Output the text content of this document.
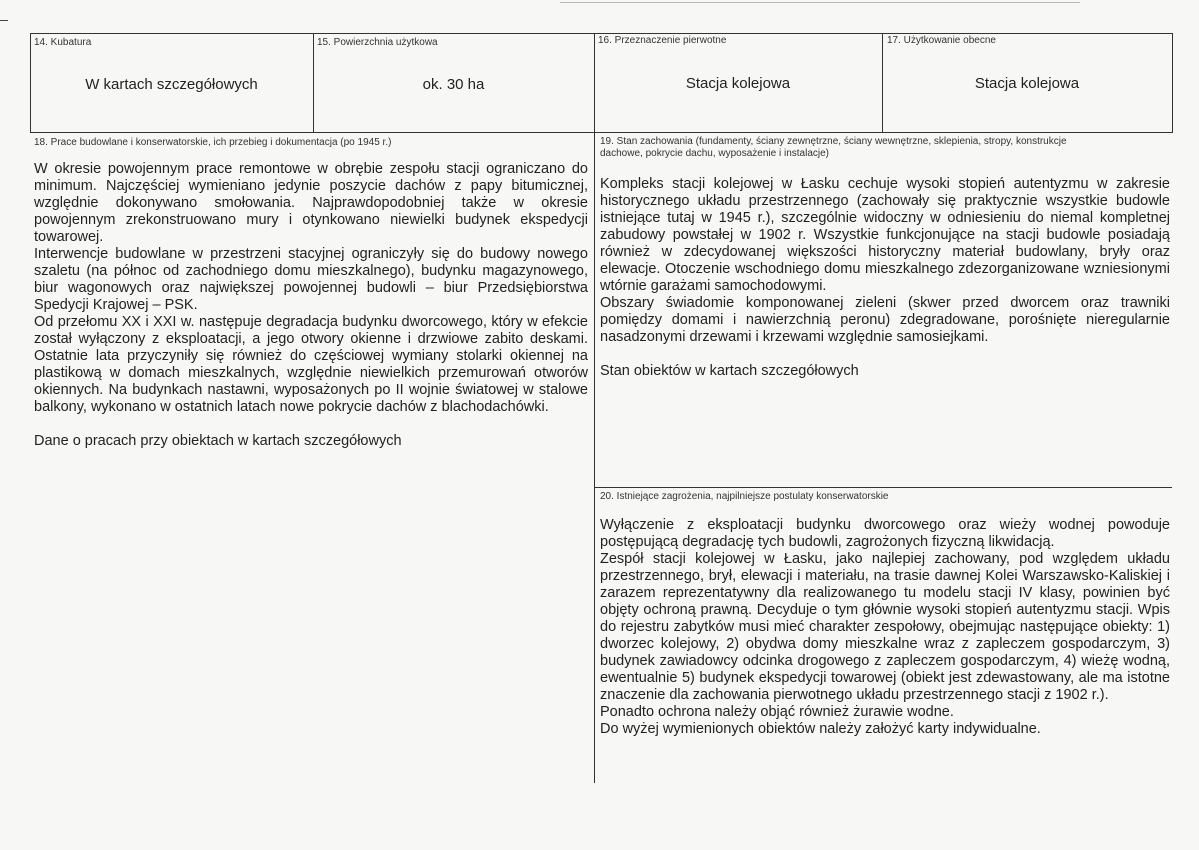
14. Kubatura
W kartach szczegółowych
15. Powierzchnia użytkowa
ok. 30 ha
16. Przeznaczenie pierwotne
Stacja kolejowa
17. Użytkowanie obecne
Stacja kolejowa
18. Prace budowlane i konserwatorskie, ich przebieg i dokumentacja (po 1945 r.)

W okresie powojennym prace remontowe w obrębie zespołu stacji ograniczano do minimum. Najczęściej wymieniano jedynie poszycie dachów z papy bitumicznej, względnie dokonywano smołowania. Najprawdopodobniej także w okresie powojennym zrekonstruowano mury i otynkowano niewielki budynek ekspedycji towarowej.

Interwencje budowlane w przestrzeni stacyjnej ograniczyły się do budowy nowego szaletu (na północ od zachodniego domu mieszkalnego), budynku magazynowego, biur wagonowych oraz największej powojennej budowli – biur Przedsiębiorstwa Spedycji Krajowej – PSK.

Od przełomu XX i XXI w. następuje degradacja budynku dworcowego, który w efekcie został wyłączony z eksploatacji, a jego otwory okienne i drzwiowe zabito deskami. Ostatnie lata przyczyniły się również do częściowej wymiany stolarki okiennej na plastikową w domach mieszkalnych, względnie niewielkich przemurowań otworów okiennych. Na budynkach nastawni, wyposażonych po II wojnie światowej w stalowe balkony, wykonano w ostatnich latach nowe pokrycie dachów z blachodachówki.

Dane o pracach przy obiektach w kartach szczegółowych

19. Stan zachowania (fundamenty, ściany zewnętrzne, ściany wewnętrzne, sklepienia, stropy, konstrukcje dachowe, pokrycie dachu, wyposażenie i instalacje)

Kompleks stacji kolejowej w Łasku cechuje wysoki stopień autentyzmu w zakresie historycznego układu przestrzennego (zachowały się praktycznie wszystkie budowle istniejące tutaj w 1945 r.), szczególnie widoczny w odniesieniu do niemal kompletnej zabudowy powstałej w 1902 r. Wszystkie funkcjonujące na stacji budowle posiadają również w zdecydowanej większości historyczny materiał budowlany, bryły oraz elewacje. Otoczenie wschodniego domu mieszkalnego zdezorganizowane wzniesionymi wtórnie garażami samochodowymi.

Obszary świadomie komponowanej zieleni (skwer przed dworcem oraz trawniki pomiędzy domami i nawierzchnią peronu) zdegradowane, porośnięte nieregularnie nasadzonymi drzewami i krzewami względnie samosiejkami.

Stan obiektów w kartach szczegółowych

20. Istniejące zagrożenia, najpilniejsze postulaty konserwatorskie

Wyłączenie z eksploatacji budynku dworcowego oraz wieży wodnej powoduje postępującą degradację tych budowli, zagrożonych fizyczną likwidacją.

Zespół stacji kolejowej w Łasku, jako najlepiej zachowany, pod względem układu przestrzennego, brył, elewacji i materiału, na trasie dawnej Kolei Warszawsko-Kaliskiej i zarazem reprezentatywny dla realizowanego tu modelu stacji IV klasy, powinien być objęty ochroną prawną. Decyduje o tym głównie wysoki stopień autentyzmu stacji. Wpis do rejestru zabytków musi mieć charakter zespołowy, obejmując następujące obiekty: 1) dworzec kolejowy, 2) obydwa domy mieszkalne wraz z zapleczem gospodarczym, 3) budynek zawiadowcy odcinka drogowego z zapleczem gospodarczym, 4) wieżę wodną, ewentualnie 5) budynek ekspedycji towarowej (obiekt jest zdewastowany, ale ma istotne znaczenie dla zachowania pierwotnego układu przestrzennego stacji z 1902 r.).

Ponadto ochrona należy objąć również żurawie wodne.

Do wyżej wymienionych obiektów należy założyć karty indywidualne.
